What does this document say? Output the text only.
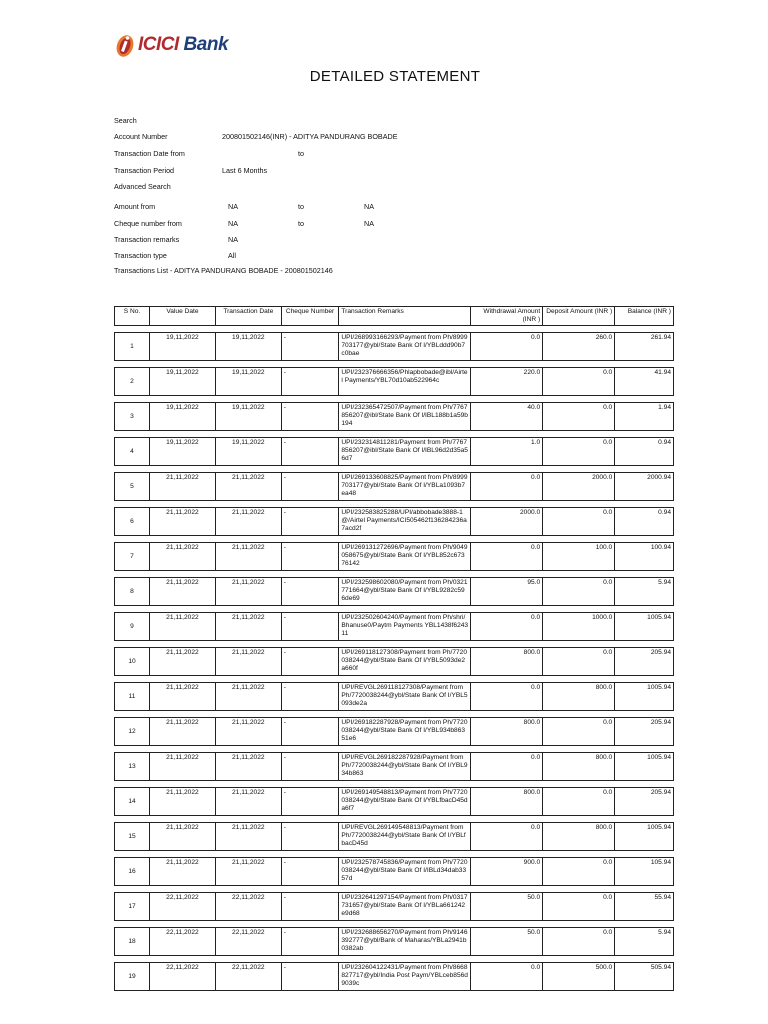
ICICI Bank
DETAILED STATEMENT
Search
Account Number	200801502146(INR) - ADITYA PANDURANG BOBADE
Transaction Date from	to
Transaction Period	Last 6 Months
Advanced Search
Amount from	NA	to	NA
Cheque number from	NA	to	NA
Transaction remarks	NA
Transaction type	All
Transactions List - ADITYA PANDURANG BOBADE - 200801502146
S No.	Value Date	Transaction Date	Cheque Number	Transaction Remarks	Withdrawal Amount (INR )	Deposit Amount (INR )	Balance (INR )
1	19,11,2022	19,11,2022	-	UPI/268993166293/Payment from Ph/8999703177@ybl/State Bank Of I/YBLddd90b7c0bae	0.0	260.0	261.94
2	19,11,2022	19,11,2022	-	UPI/232376666356/Phlapbobade@ibl/Airtel Payments/YBL70d10ab522964c	220.0	0.0	41.94
3	19,11,2022	19,11,2022	-	UPI/232365472507/Payment from Ph/7767856207@ibl/State Bank Of I/IBL188b1a59b194	40.0	0.0	1.94
4	19,11,2022	19,11,2022	-	UPI/232314811281/Payment from Ph/7767856207@ibl/State Bank Of I/IBL96d2d35a56d7	1.0	0.0	0.94
5	21,11,2022	21,11,2022	-	UPI/269133608825/Payment from Ph/8999703177@ybl/State Bank Of I/YBLa1093b7ea48	0.0	2000.0	2000.94
6	21,11,2022	21,11,2022	-	UPI/232583825288/UPI/abbobade3888-1@/Airtel Payments/ICI505462f136284236a7acd2f	2000.0	0.0	0.94
7	21,11,2022	21,11,2022	-	UPI/269131272696/Payment from Ph/9049058675@ybl/State Bank Of I/YBL852c67376142	0.0	100.0	100.94
8	21,11,2022	21,11,2022	-	UPI/232598602080/Payment from Ph/0321771664@ybl/State Bank Of I/YBL9282c596de69	95.0	0.0	5.94
9	21,11,2022	21,11,2022	-	UPI/232502604240/Payment from Ph/shri/Bhanuse0/Paytm Payments YBL1438f624311	0.0	1000.0	1005.94
10	21,11,2022	21,11,2022	-	UPI/269118127308/Payment from Ph/7720038244@ybl/State Bank Of I/YBL5093de2a660f	800.0	0.0	205.94
11	21,11,2022	21,11,2022	-	UPI/REVGL269118127308/Payment from Ph/7720038244@ybl/State Bank Of I/YBL5093de2a	0.0	800.0	1005.94
12	21,11,2022	21,11,2022	-	UPI/269182287928/Payment from Ph/7720038244@ybl/State Bank Of I/YBL934b86351e6	800.0	0.0	205.94
13	21,11,2022	21,11,2022	-	UPI/REVGL269182287928/Payment from Ph/7720038244@ybl/State Bank Of I/YBL934b863	0.0	800.0	1005.94
14	21,11,2022	21,11,2022	-	UPI/269149548813/Payment from Ph/7720038244@ybl/State Bank Of I/YBLfbacD45da6f7	800.0	0.0	205.94
15	21,11,2022	21,11,2022	-	UPI/REVGL269149548813/Payment from Ph/7720038244@ybl/State Bank Of I/YBLfbacD45d	0.0	800.0	1005.94
16	21,11,2022	21,11,2022	-	UPI/232578745836/Payment from Ph/7720038244@ybl/State Bank Of I/IBLd34dab3357d	900.0	0.0	105.94
17	22,11,2022	22,11,2022	-	UPI/232641297154/Payment from Ph/0317731657@ybl/State Bank Of I/YBLa661242e9d68	50.0	0.0	55.94
18	22,11,2022	22,11,2022	-	UPI/232688656270/Payment from Ph/9146392777@ybl/Bank of Maharas/YBLa2941b0382ab	50.0	0.0	5.94
19	22,11,2022	22,11,2022	-	UPI/232604122431/Payment from Ph/8668827717@ybl/India Post Paym/YBLceb856d9039c	0.0	500.0	505.94
